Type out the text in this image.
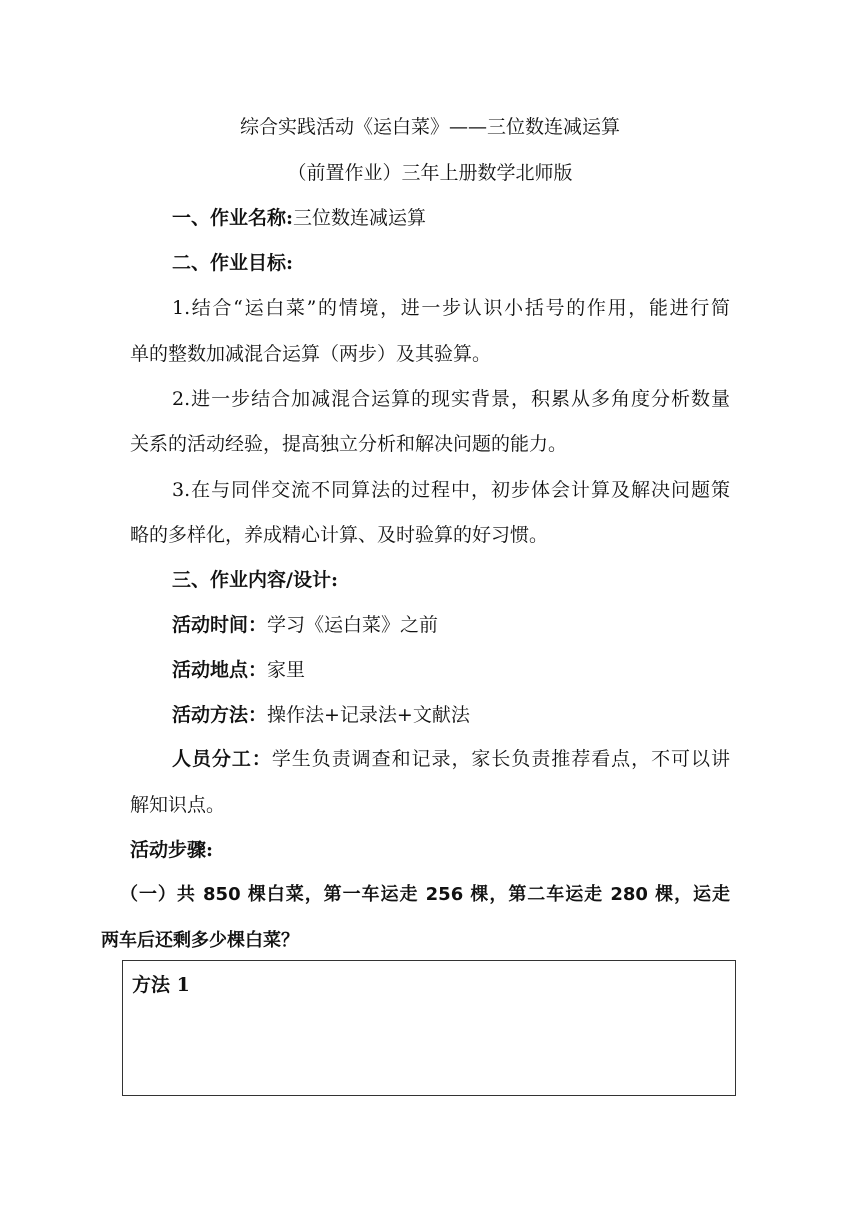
综合实践活动《运白菜》——三位数连减运算

（前置作业）三年上册数学北师版

一、作业名称:三位数连减运算

二、作业目标:

1.结合“运白菜”的情境，进一步认识小括号的作用，能进行简

单的整数加减混合运算（两步）及其验算。

2.进一步结合加减混合运算的现实背景，积累从多角度分析数量

关系的活动经验，提高独立分析和解决问题的能力。

3.在与同伴交流不同算法的过程中，初步体会计算及解决问题策

略的多样化，养成精心计算、及时验算的好习惯。

三、作业内容/设计:

活动时间：学习《运白菜》之前

活动地点：家里

活动方法：操作法+记录法+文献法

人员分工：学生负责调查和记录，家长负责推荐看点，不可以讲

解知识点。

活动步骤:

（一）共 850 棵白菜，第一车运走 256 棵，第二车运走 280 棵，运走

两车后还剩多少棵白菜？

方法 1
